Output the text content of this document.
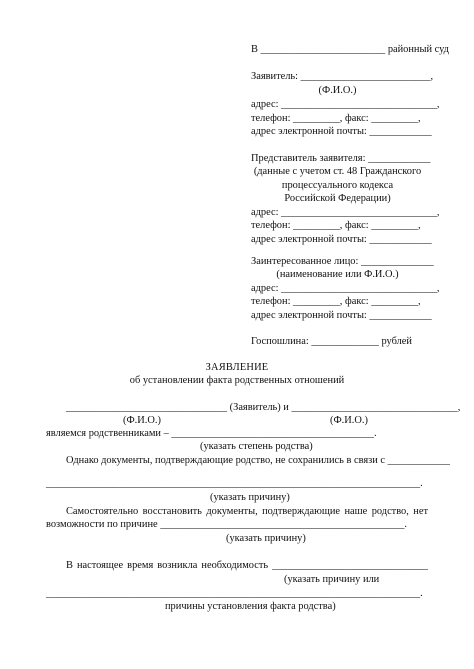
В ________________________ районный суд
Заявитель: _________________________,
(Ф.И.О.)
адрес: ______________________________,
телефон: _________, факс: _________,
адрес электронной почты: ____________
Представитель заявителя: ____________
(данные с учетом ст. 48 Гражданского
процессуального кодекса
Российской Федерации)
адрес: ______________________________,
телефон: _________, факс: _________,
адрес электронной почты: ____________
Заинтересованное лицо: ______________
(наименование или Ф.И.О.)
адрес: ______________________________,
телефон: _________, факс: _________,
адрес электронной почты: ____________
Госпошлина: _____________ рублей
ЗАЯВЛЕНИЕ
об установлении факта родственных отношений
_______________________________ (Заявитель) и ________________________________,
(Ф.И.О.)	(Ф.И.О.)
являемся родственниками – _______________________________________.
(указать степень родства)
Однако документы, подтверждающие родство, не сохранились в связи с ____________
________________________________________________________________________.
(указать причину)
Самостоятельно восстановить документы, подтверждающие наше родство, нет
возможности по причине _______________________________________________.
(указать причину)
В настоящее время возникла необходимость ______________________________
(указать причину или
________________________________________________________________________.
причины установления факта родства)
